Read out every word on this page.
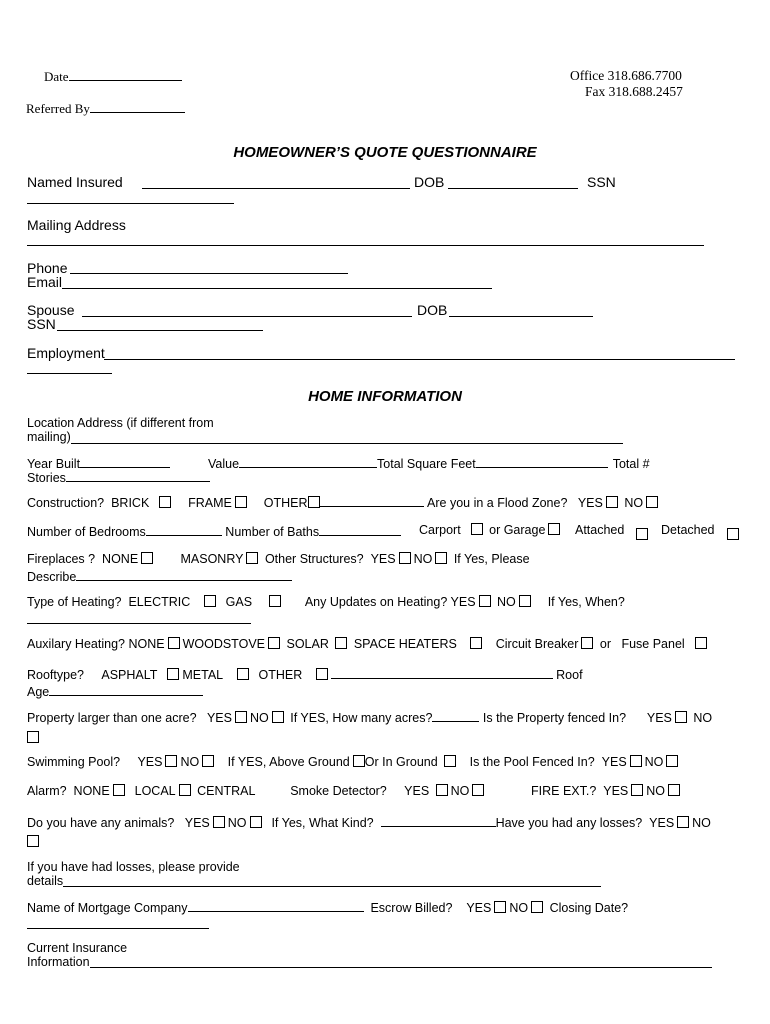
Date
Referred By
Office 318.686.7700
Fax 318.688.2457
HOMEOWNER’S QUOTE QUESTIONNAIRE
Named Insured	DOB	SSN
Mailing Address
Phone
Email
Spouse	DOB
SSN
Employment
HOME INFORMATION
Location Address (if different from
mailing)
Year Built	Value	Total Square Feet	Total #
Stories
Construction? BRICK	FRAME	OTHER	Are you in a Flood Zone? YES NO
Number of Bedrooms	Number of Baths	Carport or Garage	Attached	Detached
Fireplaces ? NONE	MASONRY Other Structures? YES NO If Yes, Please
Describe
Type of Heating? ELECTRIC	GAS	Any Updates on Heating? YES NO	If Yes, When?
Auxilary Heating? NONE WOODSTOVE SOLAR SPACE HEATERS	Circuit Breaker or Fuse Panel
Rooftype? ASPHALT METAL	OTHER	Roof
Age
Property larger than one acre? YES NO If YES, How many acres?	Is the Property fenced In? YES NO
Swimming Pool? YES NO If YES, Above Ground Or In Ground	Is the Pool Fenced In? YES NO
Alarm? NONE LOCAL CENTRAL	Smoke Detector? YES NO	FIRE EXT.? YES NO
Do you have any animals? YES NO If Yes, What Kind?	Have you had any losses? YES NO
If you have had losses, please provide
details
Name of Mortgage Company	Escrow Billed? YES NO Closing Date?
Current Insurance
Information
